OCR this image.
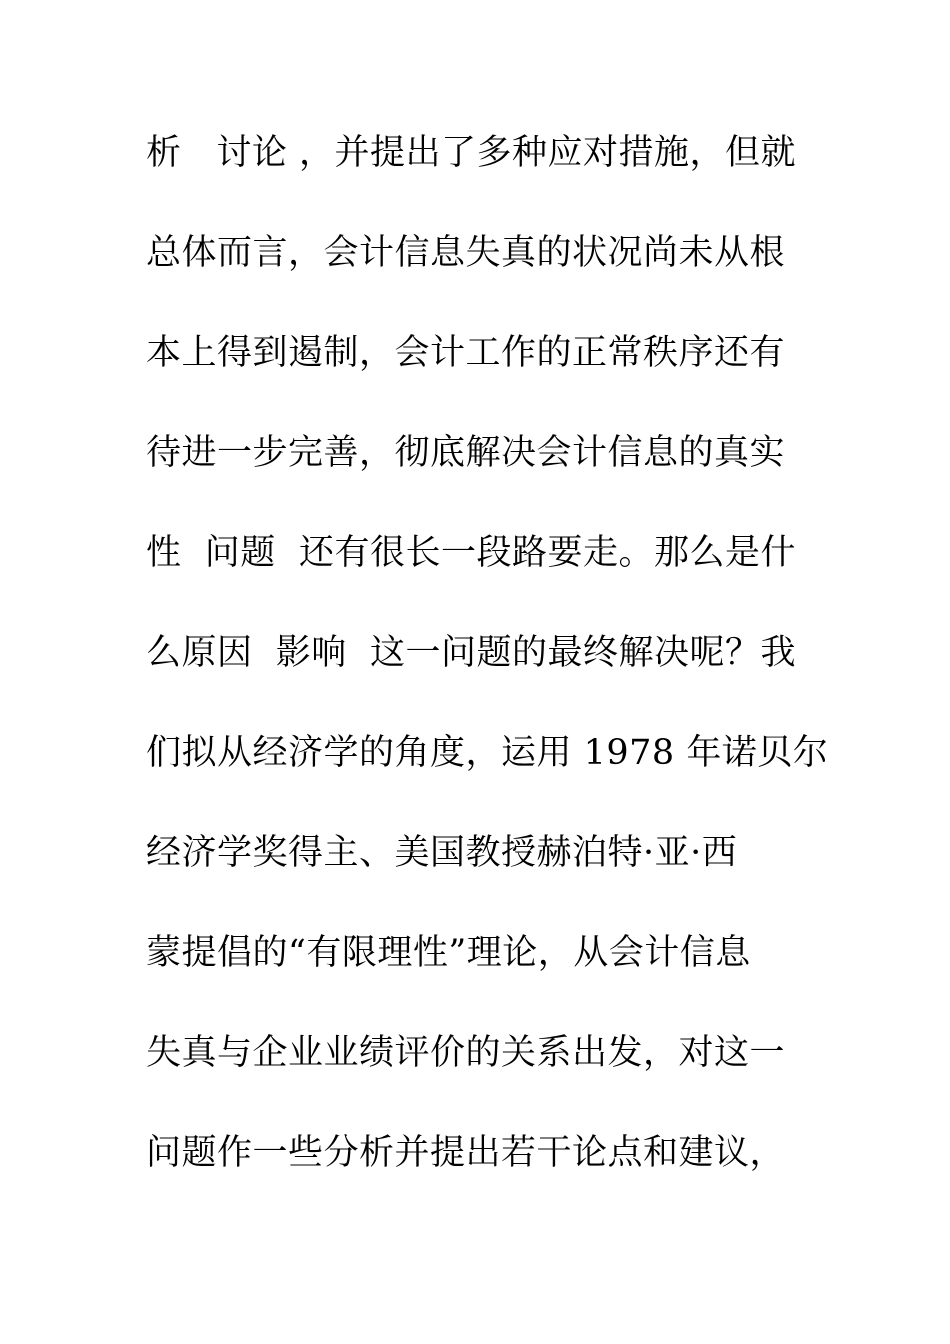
析   讨论 ，并提出了多种应对措施，但就
总体而言，会计信息失真的状况尚未从根
本上得到遏制，会计工作的正常秩序还有
待进一步完善，彻底解决会计信息的真实
性  问题  还有很长一段路要走。那么是什
么原因  影响  这一问题的最终解决呢？我
们拟从经济学的角度，运用 1978 年诺贝尔
经济学奖得主、美国教授赫泊特·亚·西
蒙提倡的“有限理性”理论，从会计信息
失真与企业业绩评价的关系出发，对这一
问题作一些分析并提出若干论点和建议，
